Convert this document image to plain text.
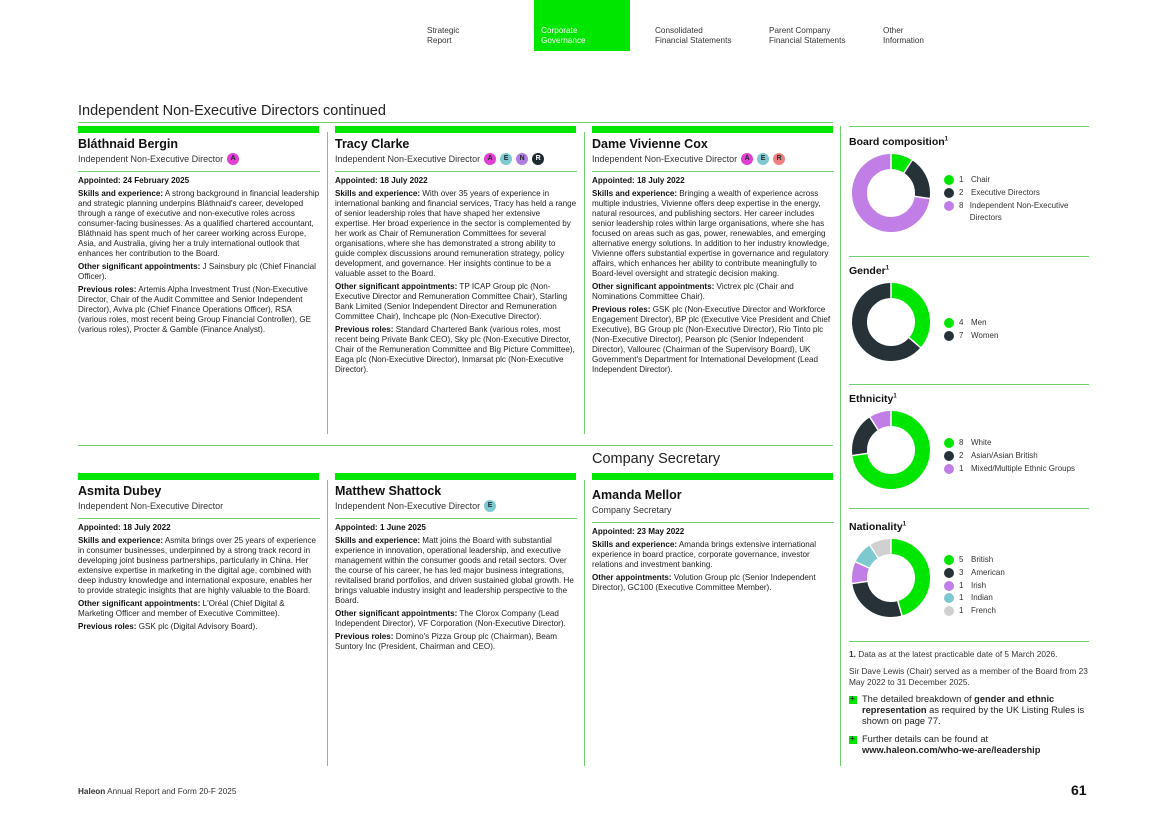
Strategic
Report
Corporate
Governance
Consolidated
Financial Statements
Parent Company
Financial Statements
Other
Information
Independent Non-Executive Directors continued
Company Secretary
Bláthnaid Bergin
Independent Non-Executive Director	A

Appointed: 24 February 2025

Skills and experience: A strong background in financial leadership and strategic planning underpins Bláthnaid's career, developed through a range of executive and non-executive roles across consumer-facing businesses. As a qualified chartered accountant, Bláthnaid has spent much of her career working across Europe, Asia, and Australia, giving her a truly international outlook that enhances her contribution to the Board.

Other significant appointments: J Sainsbury plc (Chief Financial Officer).

Previous roles: Artemis Alpha Investment Trust (Non-Executive Director, Chair of the Audit Committee and Senior Independent Director), Aviva plc (Chief Finance Operations Officer), RSA (various roles, most recent being Group Financial Controller), GE (various roles), Procter & Gamble (Finance Analyst).

Tracy Clarke
Independent Non-Executive Director	A	E	N	R

Appointed: 18 July 2022

Skills and experience: With over 35 years of experience in international banking and financial services, Tracy has held a range of senior leadership roles that have shaped her extensive expertise. Her broad experience in the sector is complemented by her work as Chair of Remuneration Committees for several organisations, where she has demonstrated a strong ability to guide complex discussions around remuneration strategy, policy development, and governance. Her insights continue to be a valuable asset to the Board.

Other significant appointments: TP ICAP Group plc (Non-Executive Director and Remuneration Committee Chair), Starling Bank Limited (Senior Independent Director and Remuneration Committee Chair), Inchcape plc (Non-Executive Director).

Previous roles: Standard Chartered Bank (various roles, most recent being Private Bank CEO), Sky plc (Non-Executive Director, Chair of the Remuneration Committee and Big Picture Committee), Eaga plc (Non-Executive Director), Inmarsat plc (Non-Executive Director).

Dame Vivienne Cox
Independent Non-Executive Director	A	E	R

Appointed: 18 July 2022

Skills and experience: Bringing a wealth of experience across multiple industries, Vivienne offers deep expertise in the energy, natural resources, and publishing sectors. Her career includes senior leadership roles within large organisations, where she has focused on areas such as gas, power, renewables, and emerging alternative energy solutions. In addition to her industry knowledge, Vivienne offers substantial expertise in governance and regulatory affairs, which enhances her ability to contribute meaningfully to Board-level oversight and strategic decision making.

Other significant appointments: Victrex plc (Chair and Nominations Committee Chair).

Previous roles: GSK plc (Non-Executive Director and Workforce Engagement Director), BP plc (Executive Vice President and Chief Executive), BG Group plc (Non-Executive Director), Rio Tinto plc (Non-Executive Director), Pearson plc (Senior Independent Director), Vallourec (Chairman of the Supervisory Board), UK Government's Department for International Development (Lead Independent Director).

Asmita Dubey
Independent Non-Executive Director

Appointed: 18 July 2022

Skills and experience: Asmita brings over 25 years of experience in consumer businesses, underpinned by a strong track record in developing joint business partnerships, particularly in China. Her extensive expertise in marketing in the digital age, combined with deep industry knowledge and international exposure, enables her to provide strategic insights that are highly valuable to the Board.

Other significant appointments: L'Oréal (Chief Digital & Marketing Officer and member of Executive Committee).

Previous roles: GSK plc (Digital Advisory Board).

Matthew Shattock
Independent Non-Executive Director	E

Appointed: 1 June 2025

Skills and experience: Matt joins the Board with substantial experience in innovation, operational leadership, and executive management within the consumer goods and retail sectors. Over the course of his career, he has led major business integrations, revitalised brand portfolios, and driven sustained global growth. He brings valuable industry insight and leadership perspective to the Board.

Other significant appointments: The Clorox Company (Lead Independent Director), VF Corporation (Non-Executive Director).

Previous roles: Domino's Pizza Group plc (Chairman), Beam Suntory Inc (President, Chairman and CEO).

Amanda Mellor
Company Secretary

Appointed: 23 May 2022

Skills and experience: Amanda brings extensive international experience in board practice, corporate governance, investor relations and investment banking.

Other appointments: Volution Group plc (Senior Independent Director), GC100 (Executive Committee Member).

Board composition$^1$
1 Chair
2 Executive Directors
8 Independent Non-Executive Directors
Gender$^1$
4 Men
7 Women
Ethnicity$^1$
8 White
2 Asian/Asian British
1 Mixed/Multiple Ethnic Groups
Nationality$^1$
5 British
3 American
1 Irish
1 Indian
1 French

1. Data as at the latest practicable date of 5 March 2026.

Sir Dave Lewis (Chair) served as a member of the Board from 23 May 2022 to 31 December 2025.

+
The detailed breakdown of gender and ethnic representation as required by the UK Listing Rules is shown on page 77.
+
Further details can be found at www.haleon.com/who-we-are/leadership
Haleon Annual Report and Form 20-F 2025	61
